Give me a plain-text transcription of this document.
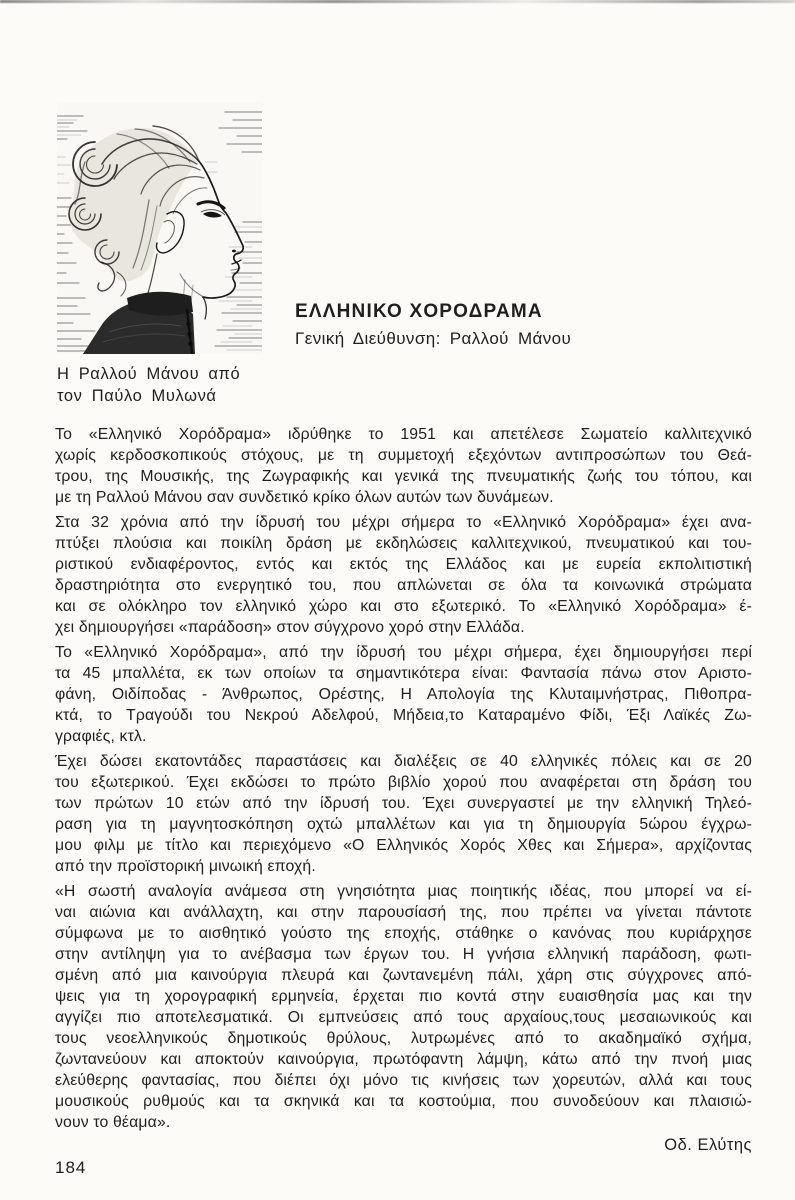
ΕΛΛΗΝΙΚΟ ΧΟΡΟΔΡΑΜΑ
Γενική Διεύθυνση: Ραλλού Μάνου
Η Ραλλού Μάνου από
τον Παύλο Μυλωνά
Το «Ελληνικό Χορόδραμα» ιδρύθηκε το 1951 και απετέλεσε Σωματείο καλλιτεχνικό
χωρίς κερδοσκοπικούς στόχους, με τη συμμετοχή εξεχόντων αντιπροσώπων του Θεά-
τρου, της Μουσικής, της Ζωγραφικής και γενικά της πνευματικής ζωής του τόπου, και
με τη Ραλλού Μάνου σαν συνδετικό κρίκο όλων αυτών των δυνάμεων.
Στα 32 χρόνια από την ίδρυσή του μέχρι σήμερα το «Ελληνικό Χορόδραμα» έχει ανα-
πτύξει πλούσια και ποικίλη δράση με εκδηλώσεις καλλιτεχνικού, πνευματικού και του-
ριστικού ενδιαφέροντος, εντός και εκτός της Ελλάδος και με ευρεία εκπολιτιστική
δραστηριότητα στο ενεργητικό του, που απλώνεται σε όλα τα κοινωνικά στρώματα
και σε ολόκληρο τον ελληνικό χώρο και στο εξωτερικό. Το «Ελληνικό Χορόδραμα» έ-
χει δημιουργήσει «παράδοση» στον σύγχρονο χορό στην Ελλάδα.
Το «Ελληνικό Χορόδραμα», από την ίδρυσή του μέχρι σήμερα, έχει δημιουργήσει περί
τα 45 μπαλλέτα, εκ των οποίων τα σημαντικότερα είναι: Φαντασία πάνω στον Αριστο-
φάνη, Οιδίποδας - Άνθρωπος, Ορέστης, Η Απολογία της Κλυταιμνήστρας, Πιθοπρα-
κτά, το Τραγούδι του Νεκρού Αδελφού, Μήδεια,το Καταραμένο Φίδι, Έξι Λαϊκές Ζω-
γραφιές, κτλ.
Έχει δώσει εκατοντάδες παραστάσεις και διαλέξεις σε 40 ελληνικές πόλεις και σε 20
του εξωτερικού. Έχει εκδώσει το πρώτο βιβλίο χορού που αναφέρεται στη δράση του
των πρώτων 10 ετών από την ίδρυσή του. Έχει συνεργαστεί με την ελληνική Τηλεό-
ραση για τη μαγνητοσκόπηση οχτώ μπαλλέτων και για τη δημιουργία 5ώρου έγχρω-
μου φιλμ με τίτλο και περιεχόμενο «Ο Ελληνικός Χορός Χθες και Σήμερα», αρχίζοντας
από την προϊστορική μινωική εποχή.
«Η σωστή αναλογία ανάμεσα στη γνησιότητα μιας ποιητικής ιδέας, που μπορεί να εί-
ναι αιώνια και ανάλλαχτη, και στην παρουσίασή της, που πρέπει να γίνεται πάντοτε
σύμφωνα με το αισθητικό γούστο της εποχής, στάθηκε ο κανόνας που κυριάρχησε
στην αντίληψη για το ανέβασμα των έργων του. Η γνήσια ελληνική παράδοση, φωτι-
σμένη από μια καινούργια πλευρά και ζωντανεμένη πάλι, χάρη στις σύγχρονες από-
ψεις για τη χορογραφική ερμηνεία, έρχεται πιο κοντά στην ευαισθησία μας και την
αγγίζει πιο αποτελεσματικά. Οι εμπνεύσεις από τους αρχαίους,τους μεσαιωνικούς και
τους νεοελληνικούς δημοτικούς θρύλους, λυτρωμένες από το ακαδημαϊκό σχήμα,
ζωντανεύουν και αποκτούν καινούργια, πρωτόφαντη λάμψη, κάτω από την πνοή μιας
ελεύθερης φαντασίας, που διέπει όχι μόνο τις κινήσεις των χορευτών, αλλά και τους
μουσικούς ρυθμούς και τα σκηνικά και τα κοστούμια, που συνοδεύουν και πλαισιώ-
νουν το θέαμα».
Οδ. Ελύτης
184
